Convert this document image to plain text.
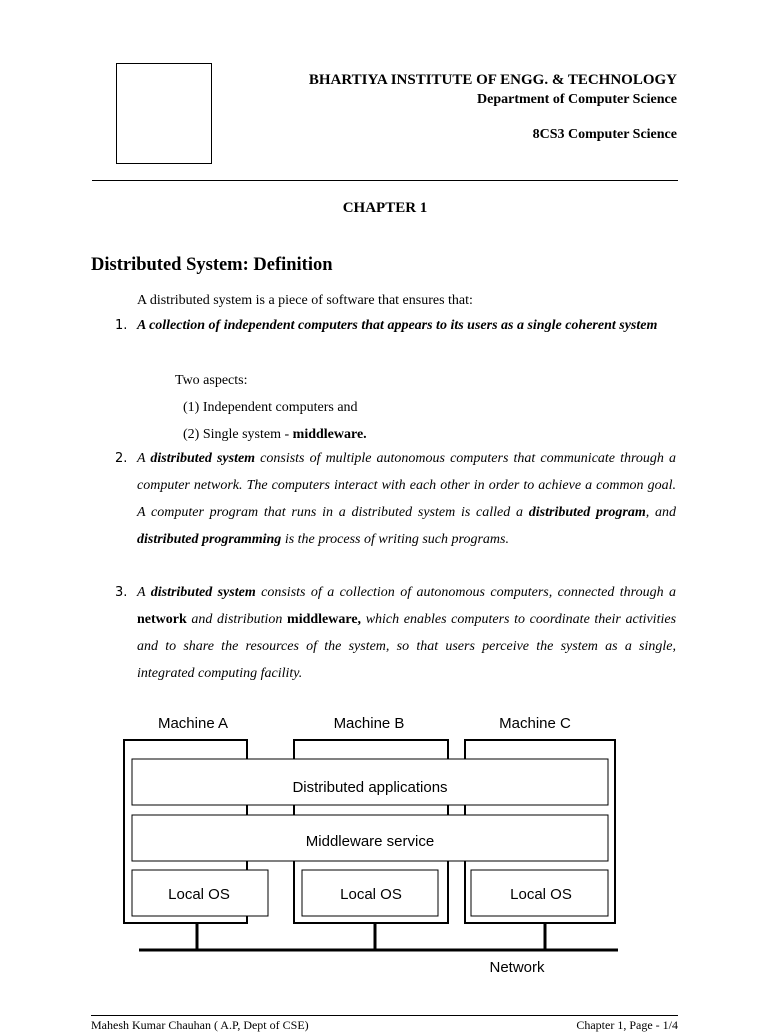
BHARTIYA INSTITUTE OF ENGG. & TECHNOLOGY
Department of Computer Science
8CS3 Computer Science
CHAPTER 1
Distributed System: Definition
A distributed system is a piece of software that ensures that:
1. A collection of independent computers that appears to its users as a single coherent system
Two aspects:
(1) Independent computers and
(2) Single system - middleware.
2. A distributed system consists of multiple autonomous computers that communicate through a computer network. The computers interact with each other in order to achieve a common goal. A computer program that runs in a distributed system is called a distributed program, and distributed programming is the process of writing such programs.
3. A distributed system consists of a collection of autonomous computers, connected through a network and distribution middleware, which enables computers to coordinate their activities and to share the resources of the system, so that users perceive the system as a single, integrated computing facility.
Machine A	Machine B	Machine C
Distributed applications
Middleware service
Local OS	Local OS	Local OS
Network
Mahesh Kumar Chauhan ( A.P, Dept of CSE)	Chapter 1, Page - 1/4
